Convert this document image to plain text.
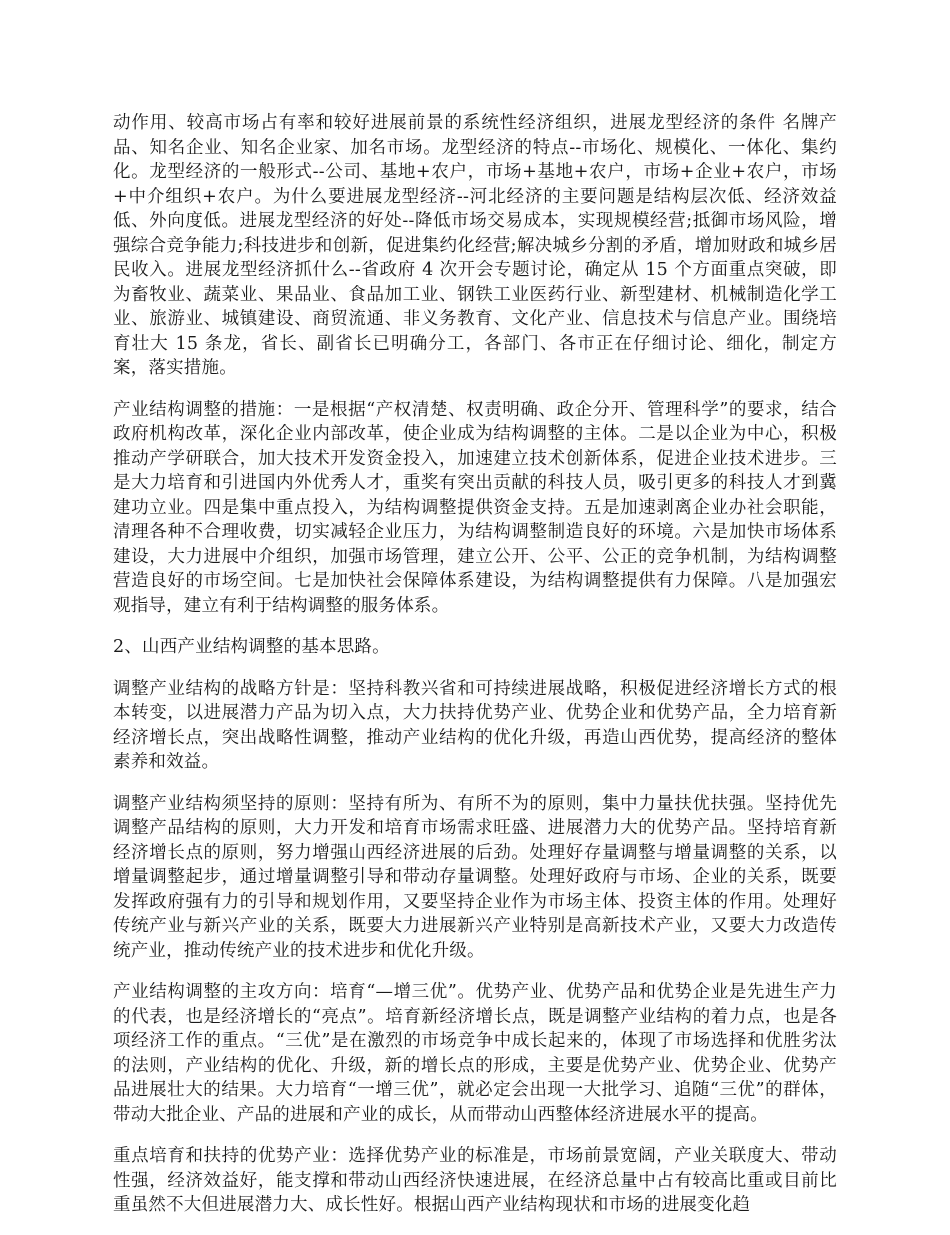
动作用、较高市场占有率和较好进展前景的系统性经济组织，进展龙型经济的条件 名牌产品、知名企业、知名企业家、加名市场。龙型经济的特点--市场化、规模化、一体化、集约化。龙型经济的一般形式--公司、基地+农户，市场+基地+农户，市场+企业+农户，市场+中介组织+农户。为什么要进展龙型经济--河北经济的主要问题是结构层次低、经济效益低、外向度低。进展龙型经济的好处--降低市场交易成本，实现规模经营;抵御市场风险，增强综合竞争能力;科技进步和创新，促进集约化经营;解决城乡分割的矛盾，增加财政和城乡居民收入。进展龙型经济抓什么--省政府 4 次开会专题讨论，确定从 15 个方面重点突破，即为畜牧业、蔬菜业、果品业、食品加工业、钢铁工业医药行业、新型建材、机械制造化学工业、旅游业、城镇建设、商贸流通、非义务教育、文化产业、信息技术与信息产业。围绕培育壮大 15 条龙，省长、副省长已明确分工，各部门、各市正在仔细讨论、细化，制定方案，落实措施。

产业结构调整的措施：一是根据“产权清楚、权责明确、政企分开、管理科学”的要求，结合政府机构改革，深化企业内部改革，使企业成为结构调整的主体。二是以企业为中心，积极推动产学研联合，加大技术开发资金投入，加速建立技术创新体系，促进企业技术进步。三是大力培育和引进国内外优秀人才，重奖有突出贡献的科技人员，吸引更多的科技人才到冀建功立业。四是集中重点投入，为结构调整提供资金支持。五是加速剥离企业办社会职能，清理各种不合理收费，切实减轻企业压力，为结构调整制造良好的环境。六是加快市场体系建设，大力进展中介组织，加强市场管理，建立公开、公平、公正的竞争机制，为结构调整营造良好的市场空间。七是加快社会保障体系建设，为结构调整提供有力保障。八是加强宏观指导，建立有利于结构调整的服务体系。

2、山西产业结构调整的基本思路。

调整产业结构的战略方针是：坚持科教兴省和可持续进展战略，积极促进经济增长方式的根本转变，以进展潜力产品为切入点，大力扶持优势产业、优势企业和优势产品，全力培育新经济增长点，突出战略性调整，推动产业结构的优化升级，再造山西优势，提高经济的整体素养和效益。

调整产业结构须坚持的原则：坚持有所为、有所不为的原则，集中力量扶优扶强。坚持优先调整产品结构的原则，大力开发和培育市场需求旺盛、进展潜力大的优势产品。坚持培育新经济增长点的原则，努力增强山西经济进展的后劲。处理好存量调整与增量调整的关系，以增量调整起步，通过增量调整引导和带动存量调整。处理好政府与市场、企业的关系，既要发挥政府强有力的引导和规划作用，又要坚持企业作为市场主体、投资主体的作用。处理好传统产业与新兴产业的关系，既要大力进展新兴产业特别是高新技术产业，又要大力改造传统产业，推动传统产业的技术进步和优化升级。

产业结构调整的主攻方向：培育“—增三优”。优势产业、优势产品和优势企业是先进生产力的代表，也是经济增长的“亮点”。培育新经济增长点，既是调整产业结构的着力点，也是各项经济工作的重点。“三优”是在激烈的市场竞争中成长起来的，体现了市场选择和优胜劣汰的法则，产业结构的优化、升级，新的增长点的形成，主要是优势产业、优势企业、优势产品进展壮大的结果。大力培育“一增三优”，就必定会出现一大批学习、追随“三优”的群体，带动大批企业、产品的进展和产业的成长，从而带动山西整体经济进展水平的提高。

重点培育和扶持的优势产业：选择优势产业的标准是，市场前景宽阔，产业关联度大、带动性强，经济效益好，能支撑和带动山西经济快速进展，在经济总量中占有较高比重或目前比重虽然不大但进展潜力大、成长性好。根据山西产业结构现状和市场的进展变化趋
